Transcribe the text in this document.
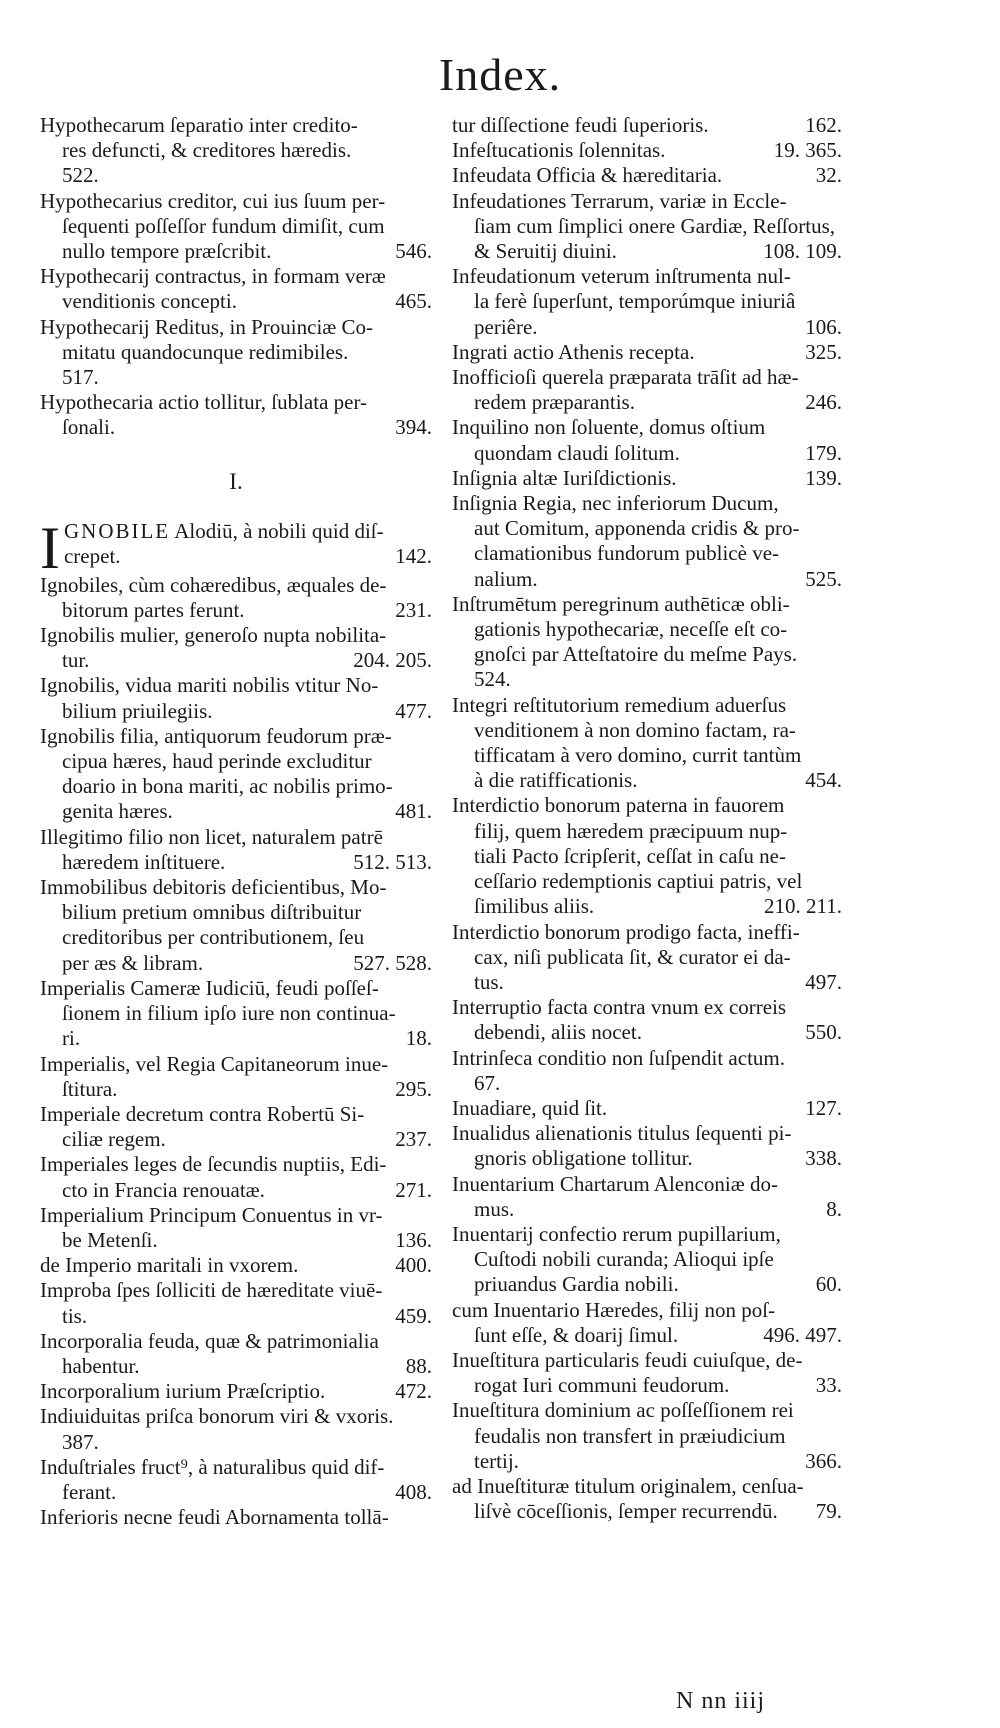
Index.
Hypothecarum ſeparatio inter credito-
res defuncti, & creditores hæredis.
522.
Hypothecarius creditor, cui ius ſuum per-
ſequenti poſſeſſor fundum dimiſit, cum
nullo tempore præſcribit.	546.
Hypothecarij contractus, in formam veræ
venditionis concepti.	465.
Hypothecarij Reditus, in Prouinciæ Co-
mitatu quandocunque redimibiles.
517.
Hypothecaria actio tollitur, ſublata per-
ſonali.	394.
I.
I GNOBILE Alodiū, à nobili quid diſ-
crepet.	142.
Ignobiles, cùm cohæredibus, æquales de-
bitorum partes ferunt.	231.
Ignobilis mulier, generoſo nupta nobilita-
tur.	204. 205.
Ignobilis, vidua mariti nobilis vtitur No-
bilium priuilegiis.	477.
Ignobilis filia, antiquorum feudorum præ-
cipua hæres, haud perinde excluditur
doario in bona mariti, ac nobilis primo-
genita hæres.	481.
Illegitimo filio non licet, naturalem patrē
hæredem inſtituere.	512. 513.
Immobilibus debitoris deficientibus, Mo-
bilium pretium omnibus diſtribuitur
creditoribus per contributionem, ſeu
per æs & libram.	527. 528.
Imperialis Cameræ Iudiciū, feudi poſſeſ-
ſionem in filium ipſo iure non continua-
ri.	18.
Imperialis, vel Regia Capitaneorum inue-
ſtitura.	295.
Imperiale decretum contra Robertū Si-
ciliæ regem.	237.
Imperiales leges de ſecundis nuptiis, Edi-
cto in Francia renouatæ.	271.
Imperialium Principum Conuentus in vr-
be Metenſi.	136.
de Imperio maritali in vxorem.	400.
Improba ſpes ſolliciti de hæreditate viuē-
tis.	459.
Incorporalia feuda, quæ & patrimonialia
habentur.	88.
Incorporalium iurium Præſcriptio.	472.
Indiuiduitas priſca bonorum viri & vxoris.
387.
Induſtriales fruct⁹, à naturalibus quid dif-
ferant.	408.
Inferioris necne feudi Abornamenta tollā-
tur diſſectione feudi ſuperioris.	162.
Infeſtucationis ſolennitas.	19. 365.
Infeudata Officia & hæreditaria.	32.
Infeudationes Terrarum, variæ in Eccle-
ſiam cum ſimplici onere Gardiæ, Reſſortus,
& Seruitij diuini.	108. 109.
Infeudationum veterum inſtrumenta nul-
la ferè ſuperſunt, temporúmque iniuriâ
periêre.	106.
Ingrati actio Athenis recepta.	325.
Inofficioſi querela præparata trāſit ad hæ-
redem præparantis.	246.
Inquilino non ſoluente, domus oſtium
quondam claudi ſolitum.	179.
Inſignia altæ Iuriſdictionis.	139.
Inſignia Regia, nec inferiorum Ducum,
aut Comitum, apponenda cridis & pro-
clamationibus fundorum publicè ve-
nalium.	525.
Inſtrumētum peregrinum authēticæ obli-
gationis hypothecariæ, neceſſe eſt co-
gnoſci par Atteſtatoire du meſme Pays.
524.
Integri reſtitutorium remedium aduerſus
venditionem à non domino factam, ra-
tifficatam à vero domino, currit tantùm
à die ratifficationis.	454.
Interdictio bonorum paterna in fauorem
filij, quem hæredem præcipuum nup-
tiali Pacto ſcripſerit, ceſſat in caſu ne-
ceſſario redemptionis captiui patris, vel
ſimilibus aliis.	210. 211.
Interdictio bonorum prodigo facta, ineffi-
cax, niſi publicata ſit, & curator ei da-
tus.	497.
Interruptio facta contra vnum ex correis
debendi, aliis nocet.	550.
Intrinſeca conditio non ſuſpendit actum.
67.
Inuadiare, quid ſit.	127.
Inualidus alienationis titulus ſequenti pi-
gnoris obligatione tollitur.	338.
Inuentarium Chartarum Alenconiæ do-
mus.	8.
Inuentarij confectio rerum pupillarium,
Cuſtodi nobili curanda; Alioqui ipſe
priuandus Gardia nobili.	60.
cum Inuentario Hæredes, filij non poſ-
ſunt eſſe, & doarij ſimul.	496. 497.
Inueſtitura particularis feudi cuiuſque, de-
rogat Iuri communi feudorum.	33.
Inueſtitura dominium ac poſſeſſionem rei
feudalis non transfert in præiudicium
tertij.	366.
ad Inueſtituræ titulum originalem, cenſua-
liſvè cōceſſionis, ſemper recurrendū.	79.
N nn iiij
